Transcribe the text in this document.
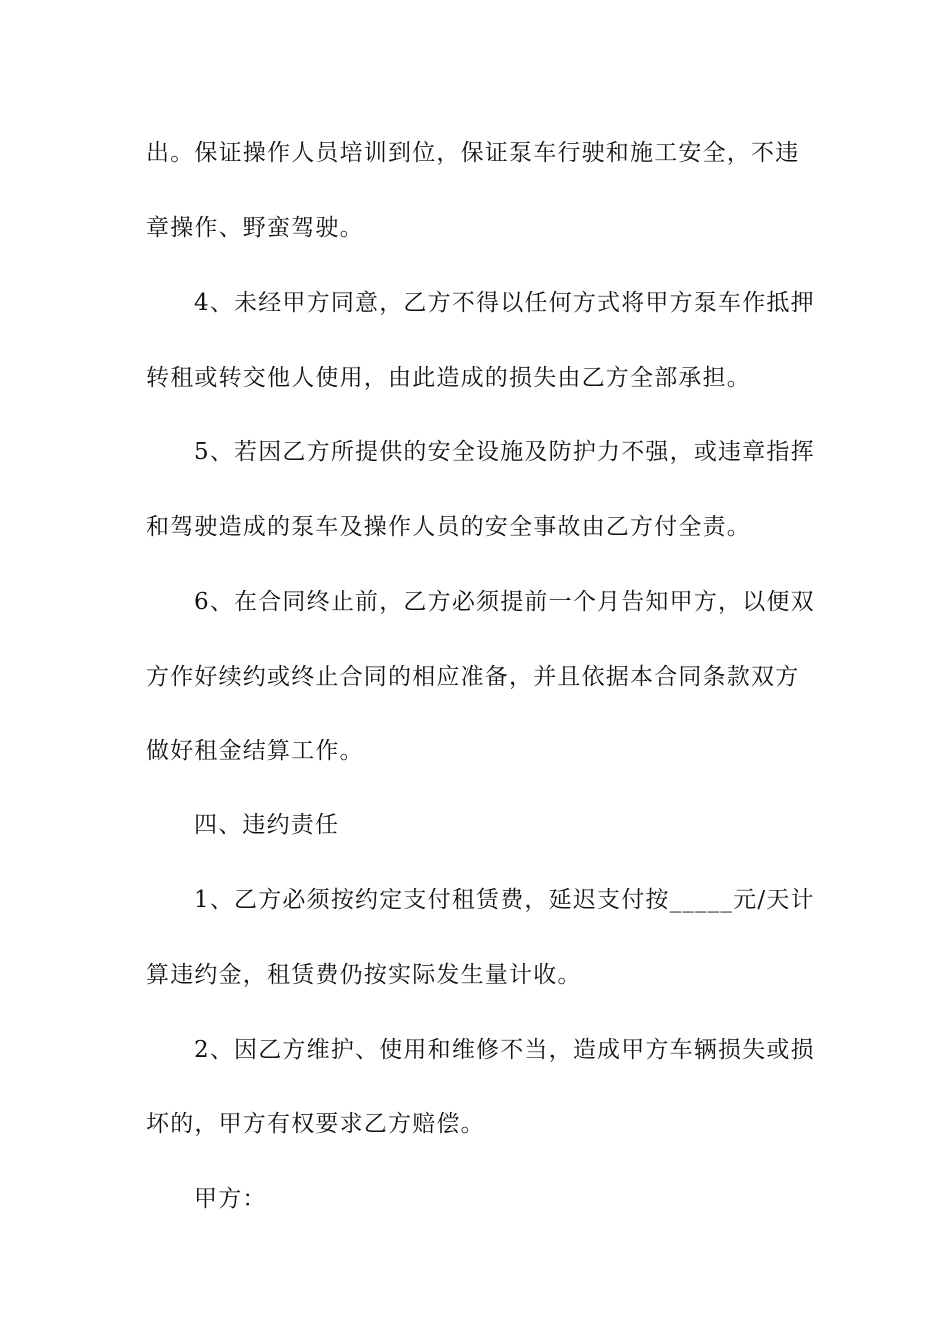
出。保证操作人员培训到位，保证泵车行驶和施工安全，不违
章操作、野蛮驾驶。
4、未经甲方同意，乙方不得以任何方式将甲方泵车作抵押
转租或转交他人使用，由此造成的损失由乙方全部承担。
5、若因乙方所提供的安全设施及防护力不强，或违章指挥
和驾驶造成的泵车及操作人员的安全事故由乙方付全责。
6、在合同终止前，乙方必须提前一个月告知甲方，以便双
方作好续约或终止合同的相应准备，并且依据本合同条款双方
做好租金结算工作。
四、违约责任
1、乙方必须按约定支付租赁费，延迟支付按_____元/天计
算违约金，租赁费仍按实际发生量计收。
2、因乙方维护、使用和维修不当，造成甲方车辆损失或损
坏的，甲方有权要求乙方赔偿。
甲方：
